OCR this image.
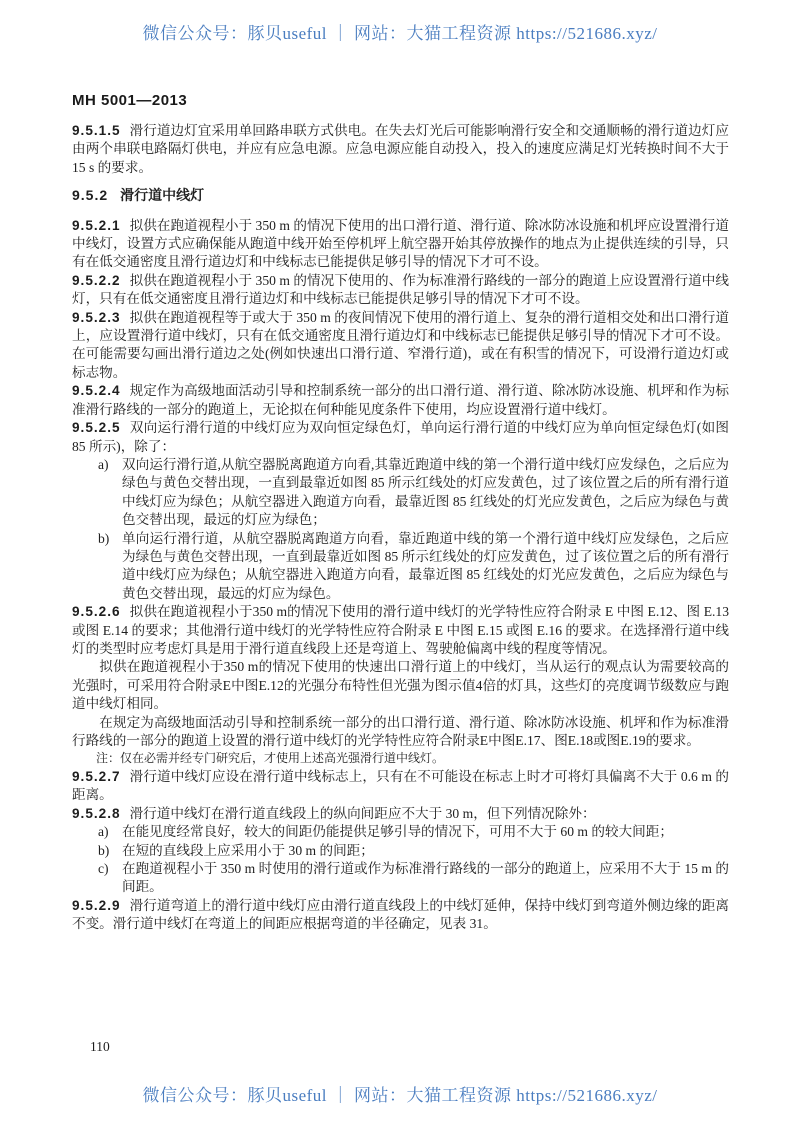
微信公众号：豚贝useful ｜ 网站：大猫工程资源 https://521686.xyz/
MH 5001—2013

9.5.1.5 滑行道边灯宜采用单回路串联方式供电。在失去灯光后可能影响滑行安全和交通顺畅的滑行道边灯应由两个串联电路隔灯供电，并应有应急电源。应急电源应能自动投入，投入的速度应满足灯光转换时间不大于 15 s 的要求。

9.5.2 滑行道中线灯

9.5.2.1 拟供在跑道视程小于 350 m 的情况下使用的出口滑行道、滑行道、除冰防冰设施和机坪应设置滑行道中线灯，设置方式应确保能从跑道中线开始至停机坪上航空器开始其停放操作的地点为止提供连续的引导，只有在低交通密度且滑行道边灯和中线标志已能提供足够引导的情况下才可不设。

9.5.2.2 拟供在跑道视程小于 350 m 的情况下使用的、作为标准滑行路线的一部分的跑道上应设置滑行道中线灯，只有在低交通密度且滑行道边灯和中线标志已能提供足够引导的情况下才可不设。

9.5.2.3 拟供在跑道视程等于或大于 350 m 的夜间情况下使用的滑行道上、复杂的滑行道相交处和出口滑行道上，应设置滑行道中线灯，只有在低交通密度且滑行道边灯和中线标志已能提供足够引导的情况下才可不设。在可能需要勾画出滑行道边之处(例如快速出口滑行道、窄滑行道)，或在有积雪的情况下，可设滑行道边灯或标志物。

9.5.2.4 规定作为高级地面活动引导和控制系统一部分的出口滑行道、滑行道、除冰防冰设施、机坪和作为标准滑行路线的一部分的跑道上，无论拟在何种能见度条件下使用，均应设置滑行道中线灯。

9.5.2.5 双向运行滑行道的中线灯应为双向恒定绿色灯，单向运行滑行道的中线灯应为单向恒定绿色灯(如图 85 所示)，除了：

a) 双向运行滑行道,从航空器脱离跑道方向看,其靠近跑道中线的第一个滑行道中线灯应发绿色，之后应为绿色与黄色交替出现，一直到最靠近如图 85 所示红线处的灯应发黄色，过了该位置之后的所有滑行道中线灯应为绿色；从航空器进入跑道方向看，最靠近图 85 红线处的灯光应发黄色，之后应为绿色与黄色交替出现，最远的灯应为绿色；

b) 单向运行滑行道，从航空器脱离跑道方向看，靠近跑道中线的第一个滑行道中线灯应发绿色，之后应为绿色与黄色交替出现，一直到最靠近如图 85 所示红线处的灯应发黄色，过了该位置之后的所有滑行道中线灯应为绿色；从航空器进入跑道方向看，最靠近图 85 红线处的灯光应发黄色，之后应为绿色与黄色交替出现，最远的灯应为绿色。

9.5.2.6 拟供在跑道视程小于350 m的情况下使用的滑行道中线灯的光学特性应符合附录 E 中图 E.12、图 E.13 或图 E.14 的要求；其他滑行道中线灯的光学特性应符合附录 E 中图 E.15 或图 E.16 的要求。在选择滑行道中线灯的类型时应考虑灯具是用于滑行道直线段上还是弯道上、驾驶舱偏离中线的程度等情况。

拟供在跑道视程小于350 m的情况下使用的快速出口滑行道上的中线灯，当从运行的观点认为需要较高的光强时，可采用符合附录E中图E.12的光强分布特性但光强为图示值4倍的灯具，这些灯的亮度调节级数应与跑道中线灯相同。

在规定为高级地面活动引导和控制系统一部分的出口滑行道、滑行道、除冰防冰设施、机坪和作为标准滑行路线的一部分的跑道上设置的滑行道中线灯的光学特性应符合附录E中图E.17、图E.18或图E.19的要求。

注：仅在必需并经专门研究后，才使用上述高光强滑行道中线灯。

9.5.2.7 滑行道中线灯应设在滑行道中线标志上，只有在不可能设在标志上时才可将灯具偏离不大于 0.6 m 的距离。

9.5.2.8 滑行道中线灯在滑行道直线段上的纵向间距应不大于 30 m，但下列情况除外：

a) 在能见度经常良好，较大的间距仍能提供足够引导的情况下，可用不大于 60 m 的较大间距；

b) 在短的直线段上应采用小于 30 m 的间距；

c) 在跑道视程小于 350 m 时使用的滑行道或作为标准滑行路线的一部分的跑道上，应采用不大于 15 m 的间距。

9.5.2.9 滑行道弯道上的滑行道中线灯应由滑行道直线段上的中线灯延伸，保持中线灯到弯道外侧边缘的距离不变。滑行道中线灯在弯道上的间距应根据弯道的半径确定，见表 31。

110
微信公众号：豚贝useful ｜ 网站：大猫工程资源 https://521686.xyz/
